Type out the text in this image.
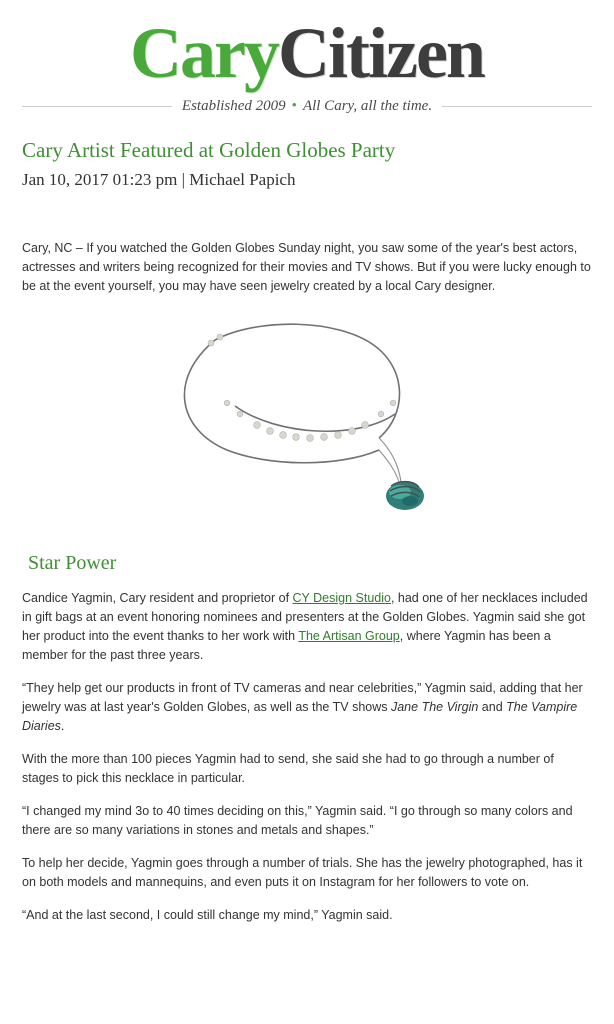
CaryCitizen
Established 2009 • All Cary, all the time.
Cary Artist Featured at Golden Globes Party

Jan 10, 2017 01:23 pm | Michael Papich

Cary, NC – If you watched the Golden Globes Sunday night, you saw some of the year's best actors, actresses and writers being recognized for their movies and TV shows. But if you were lucky enough to be at the event yourself, you may have seen jewelry created by a local Cary designer.

Star Power

Candice Yagmin, Cary resident and proprietor of CY Design Studio, had one of her necklaces included in gift bags at an event honoring nominees and presenters at the Golden Globes. Yagmin said she got her product into the event thanks to her work with The Artisan Group, where Yagmin has been a member for the past three years.

“They help get our products in front of TV cameras and near celebrities,” Yagmin said, adding that her jewelry was at last year's Golden Globes, as well as the TV shows Jane The Virgin and The Vampire Diaries.

With the more than 100 pieces Yagmin had to send, she said she had to go through a number of stages to pick this necklace in particular.

“I changed my mind 3o to 40 times deciding on this,” Yagmin said. “I go through so many colors and there are so many variations in stones and metals and shapes.”

To help her decide, Yagmin goes through a number of trials. She has the jewelry photographed, has it on both models and mannequins, and even puts it on Instagram for her followers to vote on.

“And at the last second, I could still change my mind,” Yagmin said.
